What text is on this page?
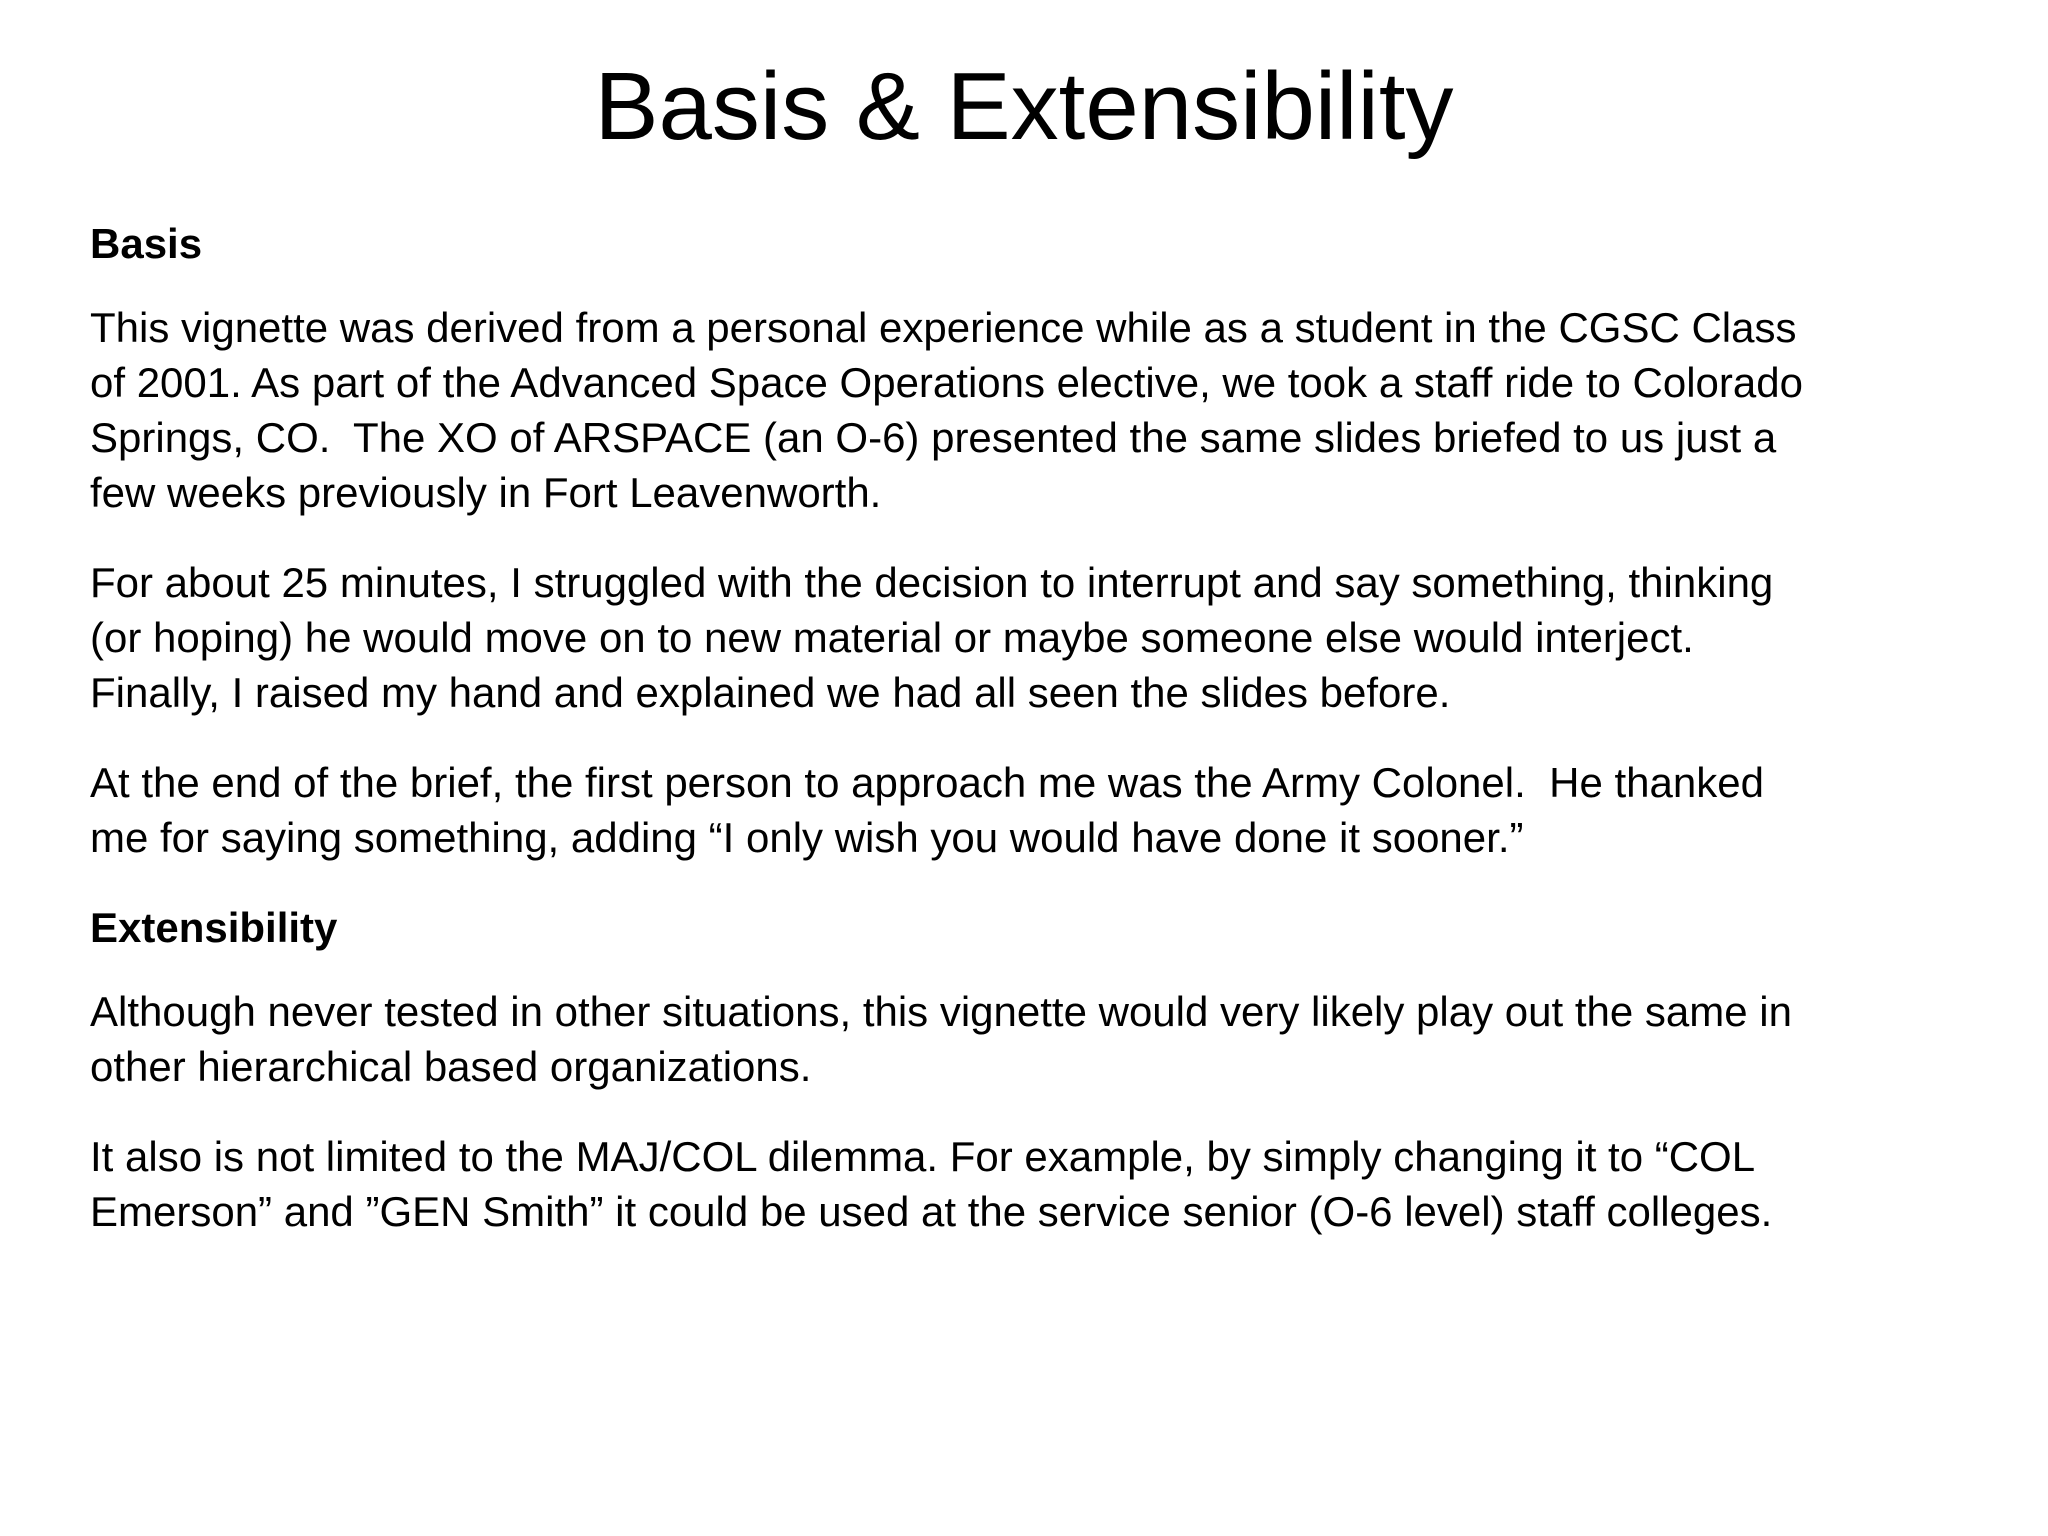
Basis & Extensibility
Basis
This vignette was derived from a personal experience while as a student in the CGSC Class
of 2001. As part of the Advanced Space Operations elective, we took a staff ride to Colorado
Springs, CO.  The XO of ARSPACE (an O-6) presented the same slides briefed to us just a
few weeks previously in Fort Leavenworth.
For about 25 minutes, I struggled with the decision to interrupt and say something, thinking
(or hoping) he would move on to new material or maybe someone else would interject.
Finally, I raised my hand and explained we had all seen the slides before.
At the end of the brief, the first person to approach me was the Army Colonel.  He thanked
me for saying something, adding “I only wish you would have done it sooner.”
Extensibility
Although never tested in other situations, this vignette would very likely play out the same in
other hierarchical based organizations.
It also is not limited to the MAJ/COL dilemma. For example, by simply changing it to “COL
Emerson” and ”GEN Smith” it could be used at the service senior (O-6 level) staff colleges.
